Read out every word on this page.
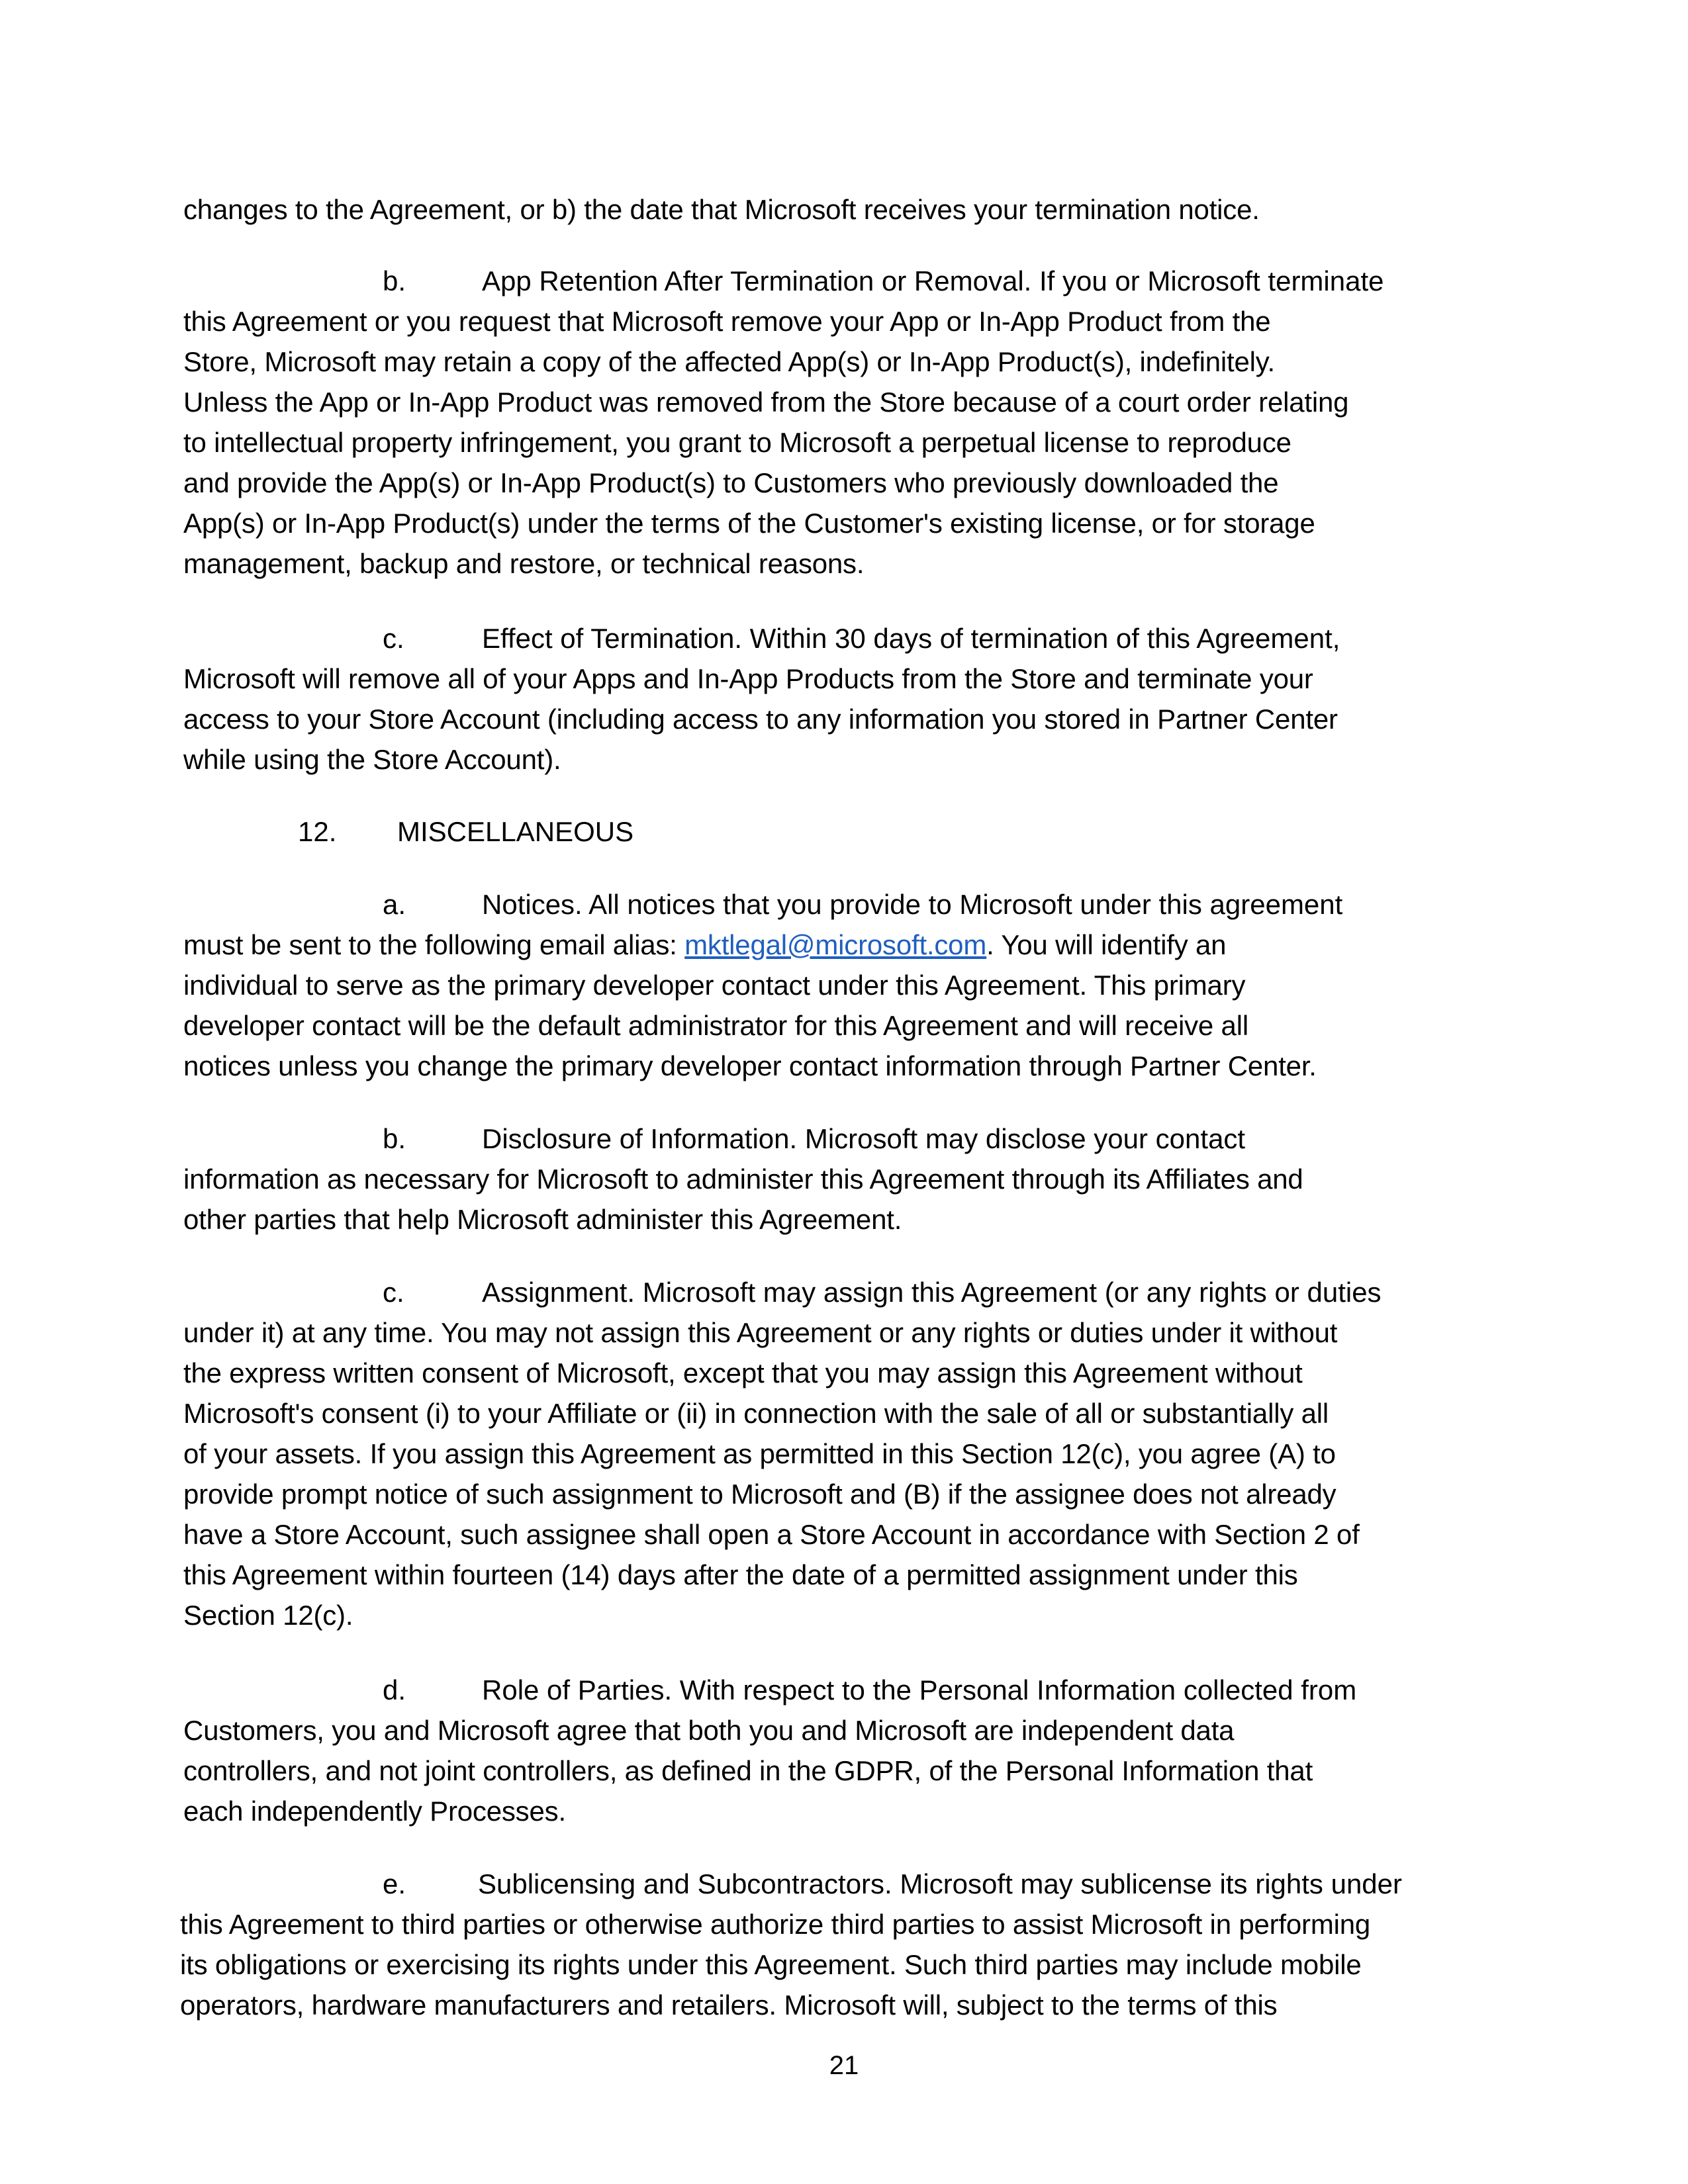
changes to the Agreement, or b) the date that Microsoft receives your termination notice.
b.	App Retention After Termination or Removal. If you or Microsoft terminate
this Agreement or you request that Microsoft remove your App or In-App Product from the
Store, Microsoft may retain a copy of the affected App(s) or In-App Product(s), indefinitely.
Unless the App or In-App Product was removed from the Store because of a court order relating
to intellectual property infringement, you grant to Microsoft a perpetual license to reproduce
and provide the App(s) or In-App Product(s) to Customers who previously downloaded the
App(s) or In-App Product(s) under the terms of the Customer's existing license, or for storage
management, backup and restore, or technical reasons.
c.	Effect of Termination. Within 30 days of termination of this Agreement,
Microsoft will remove all of your Apps and In-App Products from the Store and terminate your
access to your Store Account (including access to any information you stored in Partner Center
while using the Store Account).
12. MISCELLANEOUS
a.	Notices. All notices that you provide to Microsoft under this agreement
must be sent to the following email alias: mktlegal@microsoft.com. You will identify an
individual to serve as the primary developer contact under this Agreement. This primary
developer contact will be the default administrator for this Agreement and will receive all
notices unless you change the primary developer contact information through Partner Center.
b.	Disclosure of Information. Microsoft may disclose your contact
information as necessary for Microsoft to administer this Agreement through its Affiliates and
other parties that help Microsoft administer this Agreement.
c.	Assignment. Microsoft may assign this Agreement (or any rights or duties
under it) at any time. You may not assign this Agreement or any rights or duties under it without
the express written consent of Microsoft, except that you may assign this Agreement without
Microsoft's consent (i) to your Affiliate or (ii) in connection with the sale of all or substantially all
of your assets. If you assign this Agreement as permitted in this Section 12(c), you agree (A) to
provide prompt notice of such assignment to Microsoft and (B) if the assignee does not already
have a Store Account, such assignee shall open a Store Account in accordance with Section 2 of
this Agreement within fourteen (14) days after the date of a permitted assignment under this
Section 12(c).
d.	Role of Parties. With respect to the Personal Information collected from
Customers, you and Microsoft agree that both you and Microsoft are independent data
controllers, and not joint controllers, as defined in the GDPR, of the Personal Information that
each independently Processes.
e.	Sublicensing and Subcontractors. Microsoft may sublicense its rights under
this Agreement to third parties or otherwise authorize third parties to assist Microsoft in performing
its obligations or exercising its rights under this Agreement. Such third parties may include mobile
operators, hardware manufacturers and retailers. Microsoft will, subject to the terms of this
21
